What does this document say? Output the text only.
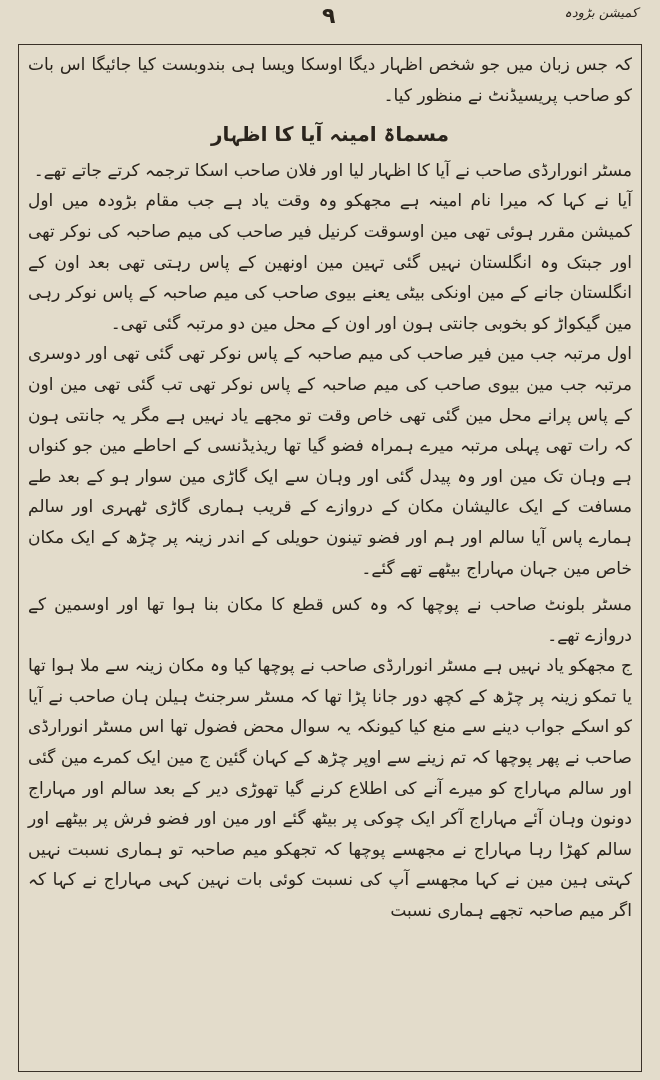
کمیشن بڑودہ
۹

کہ جس زبان میں جو شخص اظہار دیگا اوسکا ویسا ہی بندوبست کیا جائیگا اس بات کو صاحب پریسیڈنٹ نے منظور کیا۔

مسماۃ امینہ آیا کا اظہار

مسٹر انورارڈی صاحب نے آیا کا اظہار لیا اور فلان صاحب اسکا ترجمہ کرتے جاتے تھے۔

آیا نے کہا کہ میرا نام امینہ ہے مجھکو وہ وقت یاد ہے جب مقام بڑودہ میں اول کمیشن مقرر ہوئی تھی مین اوسوقت کرنیل فیر صاحب کی میم صاحبہ کی نوکر تھی اور جبتک وہ انگلستان نہیں گئی تہین مین اونھین کے پاس رہتی تھی بعد اون کے انگلستان جانے کے مین اونکی بیٹی یعنے بیوی صاحب کی میم صاحبہ کے پاس نوکر رہی مین گیکواڑ کو بخوبی جانتی ہون اور اون کے محل مین دو مرتبہ گئی تھی۔

اول مرتبہ جب مین فیر صاحب کی میم صاحبہ کے پاس نوکر تھی گئی تھی اور دوسری مرتبہ جب مین بیوی صاحب کی میم صاحبہ کے پاس نوکر تھی تب گئی تھی مین اون کے پاس پرانے محل مین گئی تھی خاص وقت تو مجھے یاد نہیں ہے مگر یہ جانتی ہون کہ رات تھی پہلی مرتبہ میرے ہمراہ فضو گیا تھا ریذیڈنسی کے احاطے مین جو کنواں ہے وہان تک مین اور وہ پیدل گئی اور وہان سے ایک گاڑی مین سوار ہو کے بعد طے مسافت کے ایک عالیشان مکان کے دروازے کے قریب ہماری گاڑی ٹھہری اور سالم ہمارے پاس آیا سالم اور ہم اور فضو تینون حویلی کے اندر زینہ پر چڑھ کے ایک مکان خاص مین جہان مہاراج بیٹھے تھے گئے۔

مسٹر بلونٹ صاحب نے پوچھا کہ وہ کس قطع کا مکان بنا ہوا تھا اور اوسمین کے دروازے تھے۔

ج مجھکو یاد نہیں ہے مسٹر انورارڈی صاحب نے پوچھا کیا وہ مکان زینہ سے ملا ہوا تھا یا تمکو زینہ پر چڑھ کے کچھ دور جانا پڑا تھا کہ مسٹر سرجنٹ ہیلن ہان صاحب نے آیا کو اسکے جواب دینے سے منع کیا کیونکہ یہ سوال محض فضول تھا اس مسٹر انورارڈی صاحب نے پھر پوچھا کہ تم زینے سے اوپر چڑھ کے کہان گئین ج مین ایک کمرے مین گئی اور سالم مہاراج کو میرے آنے کی اطلاع کرنے گیا تھوڑی دیر کے بعد سالم اور مہاراج دونون وہان آئے مہاراج آکر ایک چوکی پر بیٹھ گئے اور مین اور فضو فرش پر بیٹھے اور سالم کھڑا رہا مہاراج نے مجھسے پوچھا کہ تجھکو میم صاحبہ تو ہماری نسبت نہیں کہتی ہین مین نے کہا مجھسے آپ کی نسبت کوئی بات نہین کہی مہاراج نے کہا کہ اگر میم صاحبہ تجھے ہماری نسبت
